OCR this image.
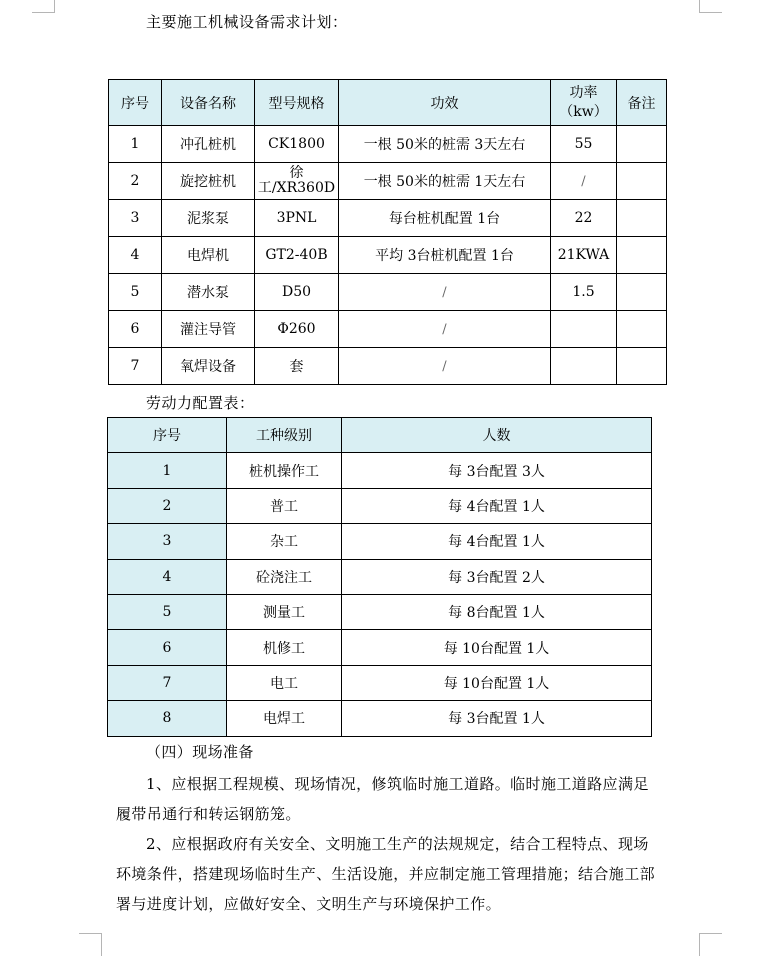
主要施工机械设备需求计划：
序号	设备名称	型号规格	功效	功率（kw）	备注
1	冲孔桩机	CK1800	一根 50米的桩需 3天左右	55	
2	旋挖桩机	徐工/XR360D	一根 50米的桩需 1天左右	/	
3	泥浆泵	3PNL	每台桩机配置 1台	22	
4	电焊机	GT2-40B	平均 3台桩机配置 1台	21KWA	
5	潜水泵	D50	/	1.5	
6	灌注导管	Φ260	/		
7	氧焊设备	套	/		
劳动力配置表：
序号	工种级别	人数
1	桩机操作工	每 3台配置 3人
2	普工	每 4台配置 1人
3	杂工	每 4台配置 1人
4	砼浇注工	每 3台配置 2人
5	测量工	每 8台配置 1人
6	机修工	每 10台配置 1人
7	电工	每 10台配置 1人
8	电焊工	每 3台配置 1人

（四）现场准备

1、应根据工程规模、现场情况，修筑临时施工道路。临时施工道路应满足履带吊通行和转运钢筋笼。

2、应根据政府有关安全、文明施工生产的法规规定，结合工程特点、现场环境条件，搭建现场临时生产、生活设施，并应制定施工管理措施；结合施工部署与进度计划，应做好安全、文明生产与环境保护工作。
